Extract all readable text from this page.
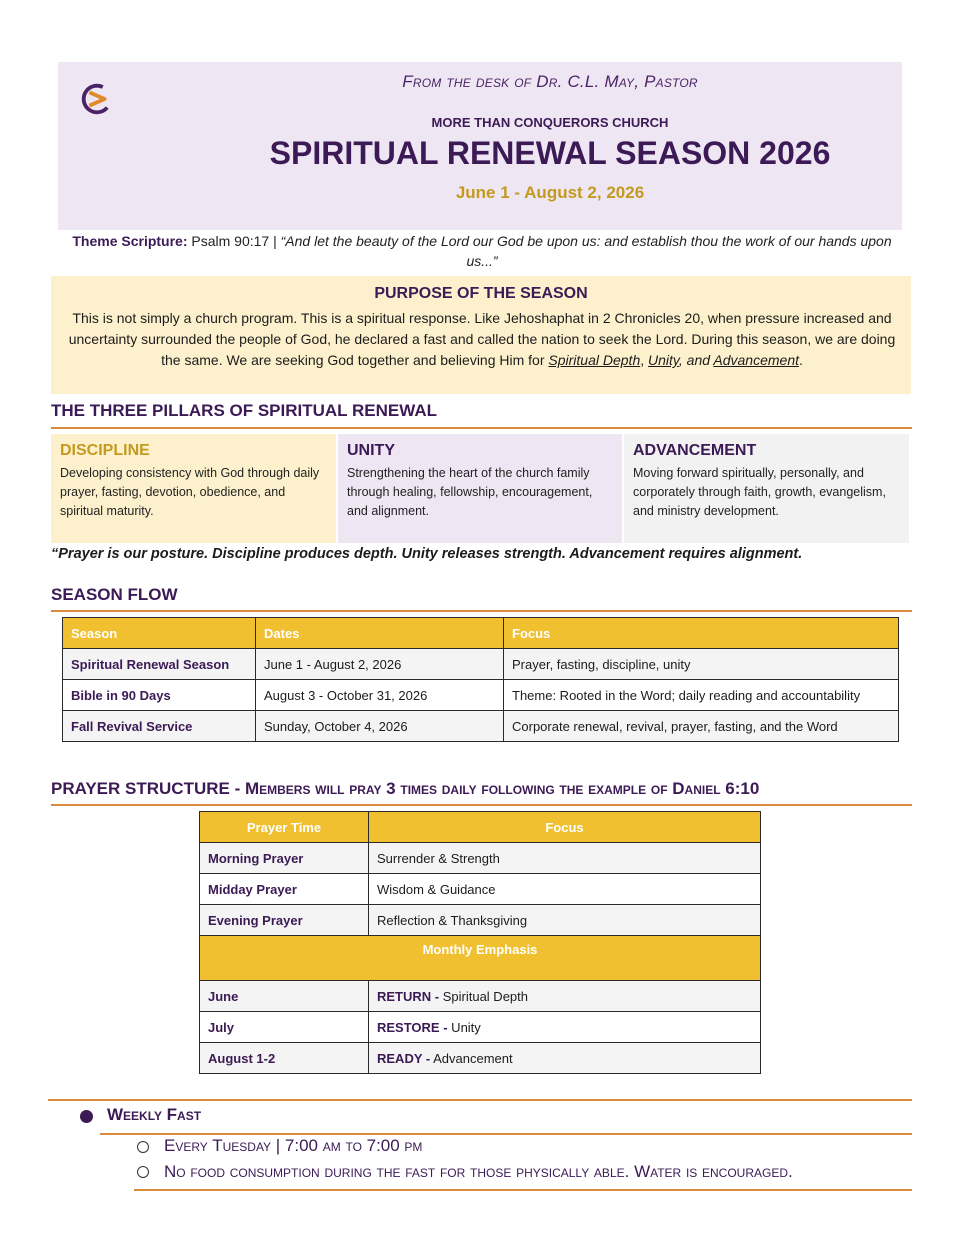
From the desk of Dr. C.L. May, Pastor
MORE THAN CONQUERORS CHURCH
SPIRITUAL RENEWAL SEASON 2026
June 1 - August 2, 2026
Theme Scripture: Psalm 90:17 | “And let the beauty of the Lord our God be upon us: and establish thou the work of our hands upon us...”
PURPOSE OF THE SEASON
This is not simply a church program. This is a spiritual response. Like Jehoshaphat in 2 Chronicles 20, when pressure increased and uncertainty surrounded the people of God, he declared a fast and called the nation to seek the Lord. During this season, we are doing the same. We are seeking God together and believing Him for Spiritual Depth, Unity, and Advancement.
THE THREE PILLARS OF SPIRITUAL RENEWAL
DISCIPLINE
Developing consistency with God through daily prayer, fasting, devotion, obedience, and spiritual maturity.
UNITY
Strengthening the heart of the church family through healing, fellowship, encouragement, and alignment.
ADVANCEMENT
Moving forward spiritually, personally, and corporately through faith, growth, evangelism, and ministry development.
“Prayer is our posture. Discipline produces depth. Unity releases strength. Advancement requires alignment.
SEASON FLOW
Season	Dates	Focus
Spiritual Renewal Season	June 1 - August 2, 2026	Prayer, fasting, discipline, unity
Bible in 90 Days	August 3 - October 31, 2026	Theme: Rooted in the Word; daily reading and accountability
Fall Revival Service	Sunday, October 4, 2026	Corporate renewal, revival, prayer, fasting, and the Word
PRAYER STRUCTURE - Members will pray 3 times daily following the example of Daniel 6:10
Prayer Time	Focus
Morning Prayer	Surrender & Strength
Midday Prayer	Wisdom & Guidance
Evening Prayer	Reflection & Thanksgiving
Monthly Emphasis	
June	RETURN - Spiritual Depth
July	RESTORE - Unity
August 1-2	READY - Advancement
Weekly Fast
Every Tuesday | 7:00 am to 7:00 pm
No food consumption during the fast for those physically able. Water is encouraged.
